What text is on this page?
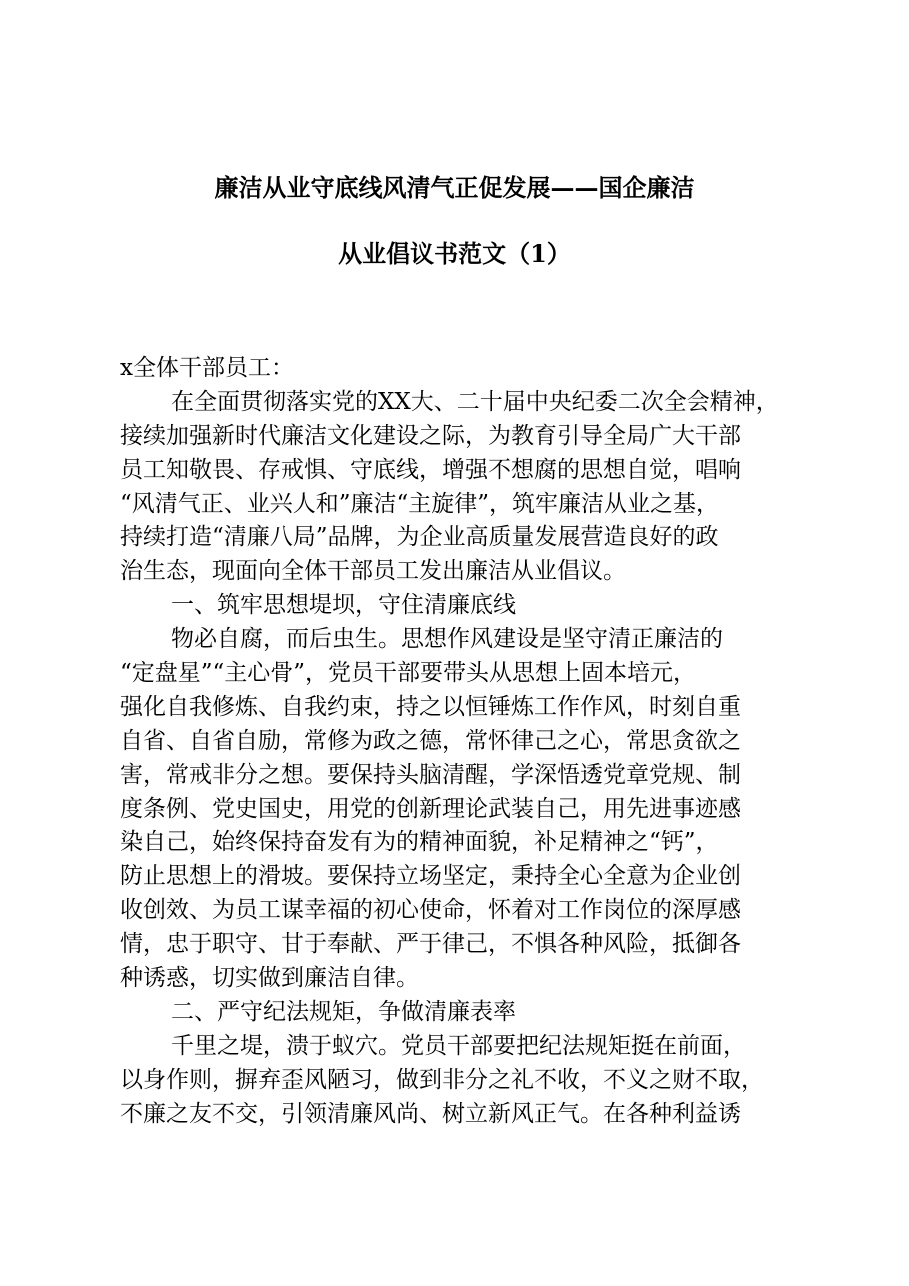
廉洁从业守底线风清气正促发展——国企廉洁
从业倡议书范文（1）
x全体干部员工：
在全面贯彻落实党的XX大、二十届中央纪委二次全会精神，
接续加强新时代廉洁文化建设之际，为教育引导全局广大干部
员工知敬畏、存戒惧、守底线，增强不想腐的思想自觉，唱响
“风清气正、业兴人和”廉洁“主旋律”，筑牢廉洁从业之基，
持续打造“清廉八局”品牌，为企业高质量发展营造良好的政
治生态，现面向全体干部员工发出廉洁从业倡议。
一、筑牢思想堤坝，守住清廉底线
物必自腐，而后虫生。思想作风建设是坚守清正廉洁的
“定盘星”“主心骨”，党员干部要带头从思想上固本培元，
强化自我修炼、自我约束，持之以恒锤炼工作作风，时刻自重
自省、自省自励，常修为政之德，常怀律己之心，常思贪欲之
害，常戒非分之想。要保持头脑清醒，学深悟透党章党规、制
度条例、党史国史，用党的创新理论武装自己，用先进事迹感
染自己，始终保持奋发有为的精神面貌，补足精神之“钙”，
防止思想上的滑坡。要保持立场坚定，秉持全心全意为企业创
收创效、为员工谋幸福的初心使命，怀着对工作岗位的深厚感
情，忠于职守、甘于奉献、严于律己，不惧各种风险，抵御各
种诱惑，切实做到廉洁自律。
二、严守纪法规矩，争做清廉表率
千里之堤，溃于蚁穴。党员干部要把纪法规矩挺在前面，
以身作则，摒弃歪风陋习，做到非分之礼不收，不义之财不取，
不廉之友不交，引领清廉风尚、树立新风正气。在各种利益诱
